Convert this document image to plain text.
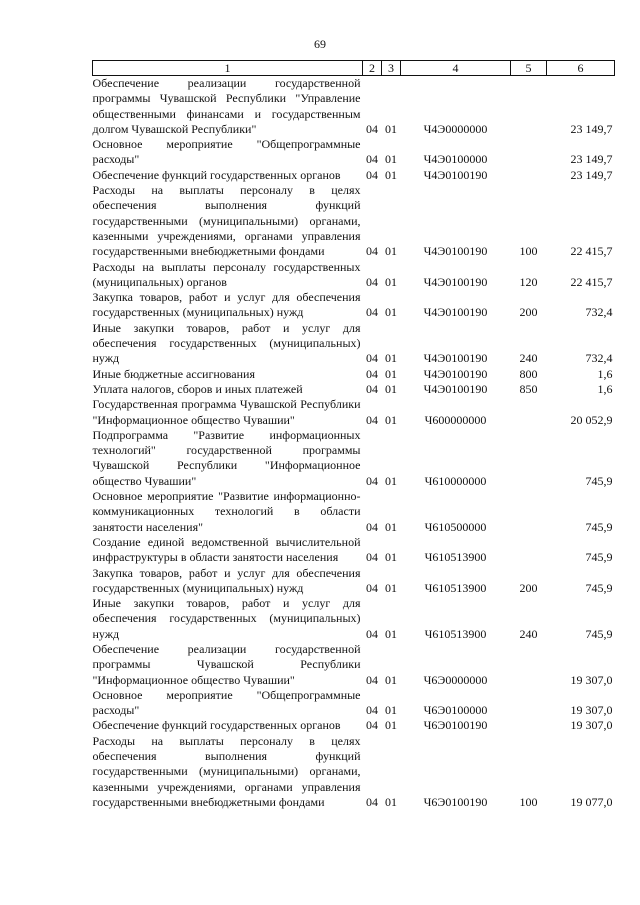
69
1	2	3	4	5	6
Обеспечение реализации государственной программы Чувашской Республики "Управление общественными финансами и государственным долгом Чувашской Республики"	04	01	Ч4Э0000000		23 149,7
Основное мероприятие "Общепрограммные расходы"	04	01	Ч4Э0100000		23 149,7
Обеспечение функций государственных органов	04	01	Ч4Э0100190		23 149,7
Расходы на выплаты персоналу в целях обеспечения выполнения функций государственными (муниципальными) органами, казенными учреждениями, органами управления государственными внебюджетными фондами	04	01	Ч4Э0100190	100	22 415,7
Расходы на выплаты персоналу государственных (муниципальных) органов	04	01	Ч4Э0100190	120	22 415,7
Закупка товаров, работ и услуг для обеспечения государственных (муниципальных) нужд	04	01	Ч4Э0100190	200	732,4
Иные закупки товаров, работ и услуг для обеспечения государственных (муниципальных) нужд	04	01	Ч4Э0100190	240	732,4
Иные бюджетные ассигнования	04	01	Ч4Э0100190	800	1,6
Уплата налогов, сборов и иных платежей	04	01	Ч4Э0100190	850	1,6
Государственная программа Чувашской Республики "Информационное общество Чувашии"	04	01	Ч600000000		20 052,9
Подпрограмма "Развитие информационных технологий" государственной программы Чувашской Республики "Информационное общество Чувашии"	04	01	Ч610000000		745,9
Основное мероприятие "Развитие информационно-коммуникационных технологий в области занятости населения"	04	01	Ч610500000		745,9
Создание единой ведомственной вычислительной инфраструктуры в области занятости населения	04	01	Ч610513900		745,9
Закупка товаров, работ и услуг для обеспечения государственных (муниципальных) нужд	04	01	Ч610513900	200	745,9
Иные закупки товаров, работ и услуг для обеспечения государственных (муниципальных) нужд	04	01	Ч610513900	240	745,9
Обеспечение реализации государственной программы Чувашской Республики "Информационное общество Чувашии"	04	01	Ч6Э0000000		19 307,0
Основное мероприятие "Общепрограммные расходы"	04	01	Ч6Э0100000		19 307,0
Обеспечение функций государственных органов	04	01	Ч6Э0100190		19 307,0
Расходы на выплаты персоналу в целях обеспечения выполнения функций государственными (муниципальными) органами, казенными учреждениями, органами управления государственными внебюджетными фондами	04	01	Ч6Э0100190	100	19 077,0
